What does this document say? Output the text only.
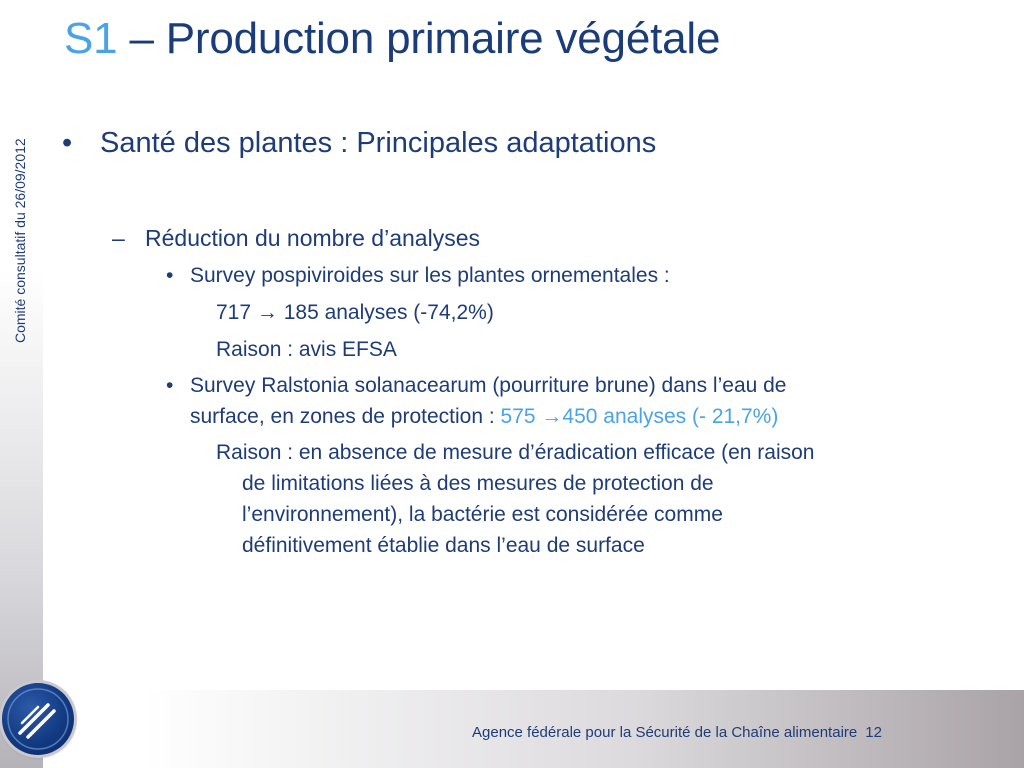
Comité consultatif du 26/09/2012
S1 – Production primaire végétale
• Santé des plantes : Principales adaptations
– Réduction du nombre d’analyses
• Survey pospiviroides sur les plantes ornementales :
717 → 185 analyses (-74,2%)
Raison : avis EFSA
• Survey Ralstonia solanacearum (pourriture brune) dans l’eau de
surface, en zones de protection : 575 →450 analyses (- 21,7%)
Raison : en absence de mesure d’éradication efficace (en raison
de limitations liées à des mesures de protection de
l’environnement), la bactérie est considérée comme
définitivement établie dans l’eau de surface
Agence fédérale pour la Sécurité de la Chaîne alimentaire 12
